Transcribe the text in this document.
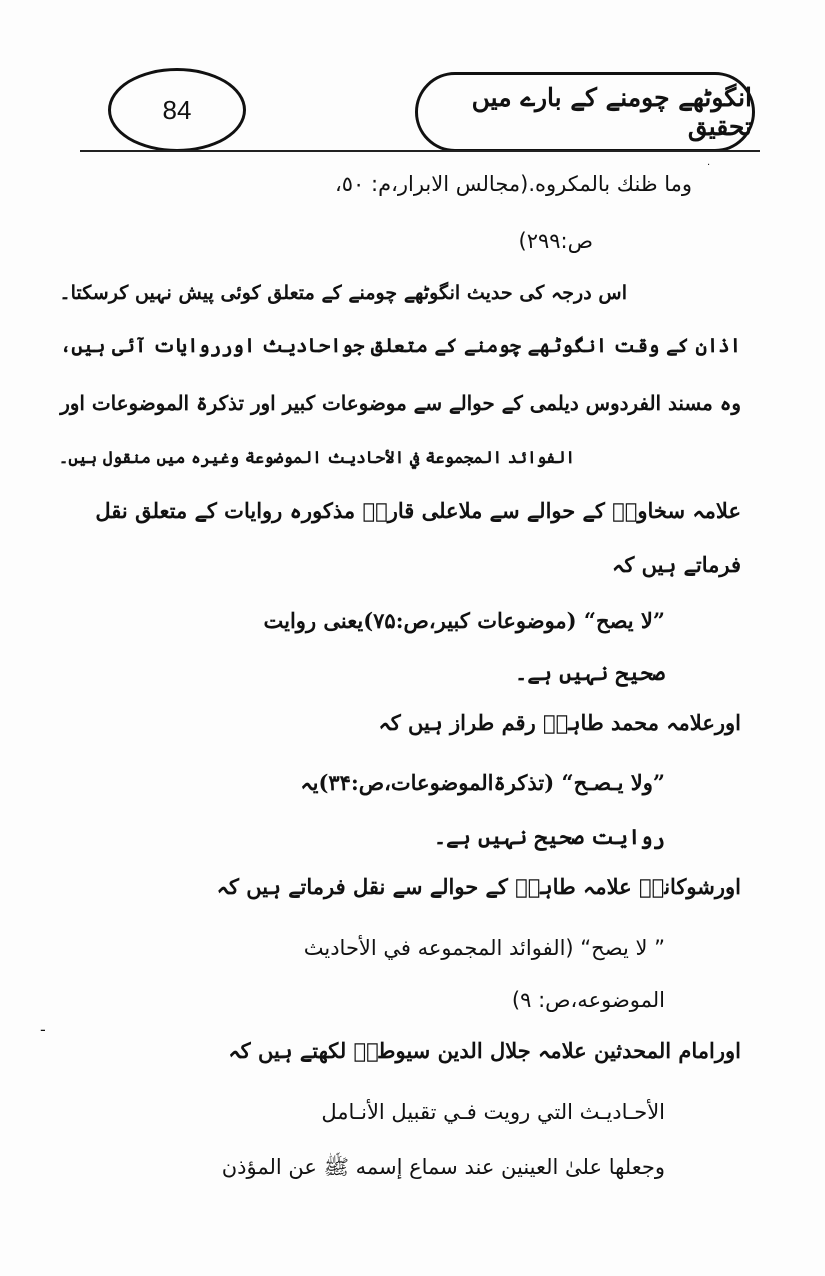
84	انگوٹھے چومنے کے بارے میں تحقیق
·
-
وما ظنك بالمكروه.(مجالس الابرار،م: ٥٠،
ص:٢٩٩)
اس درجہ کی حدیث انگوٹھے چومنے کے متعلق کوئی پیش نہیں کرسکتا۔
اذان کے وقت انگوٹھے چومنے کے متعلق جواحادیث اورروایات آئی ہیں،
وہ مسند الفردوس دیلمی کے حوالے سے موضوعات کبیر اور تذکرۃ الموضوعات اور
الفوائد المجموعة في الأحاديث الموضوعة وغیرہ میں منقول ہیں۔
علامہ سخاویؒ کے حوالے سے ملاعلی قاریؒ مذکورہ روایات کے متعلق نقل
فرماتے ہیں کہ
”لا یصح“ (موضوعات کبیر،ص:٧۵)یعنی روایت
صحیح نہیں ہے۔
اورعلامہ محمد طاہرؒ رقم طراز ہیں کہ
”ولا یـصـح“ (تذکرۃالموضوعات،ص:٣۴)یہ
روایت صحیح نہیں ہے۔
اورشوکانیؒ علامہ طاہرؒ کے حوالے سے نقل فرماتے ہیں کہ
” لا يصح“ (الفوائد المجموعه في الأحاديث
الموضوعه،ص: ٩)
اورامام المحدثین علامہ جلال الدین سیوطیؒ لکھتے ہیں کہ
الأحـاديـث التي رويت فـي تقبيل الأنـامل
وجعلها علىٰ العينين عند سماع إسمه ﷺ عن المؤذن
